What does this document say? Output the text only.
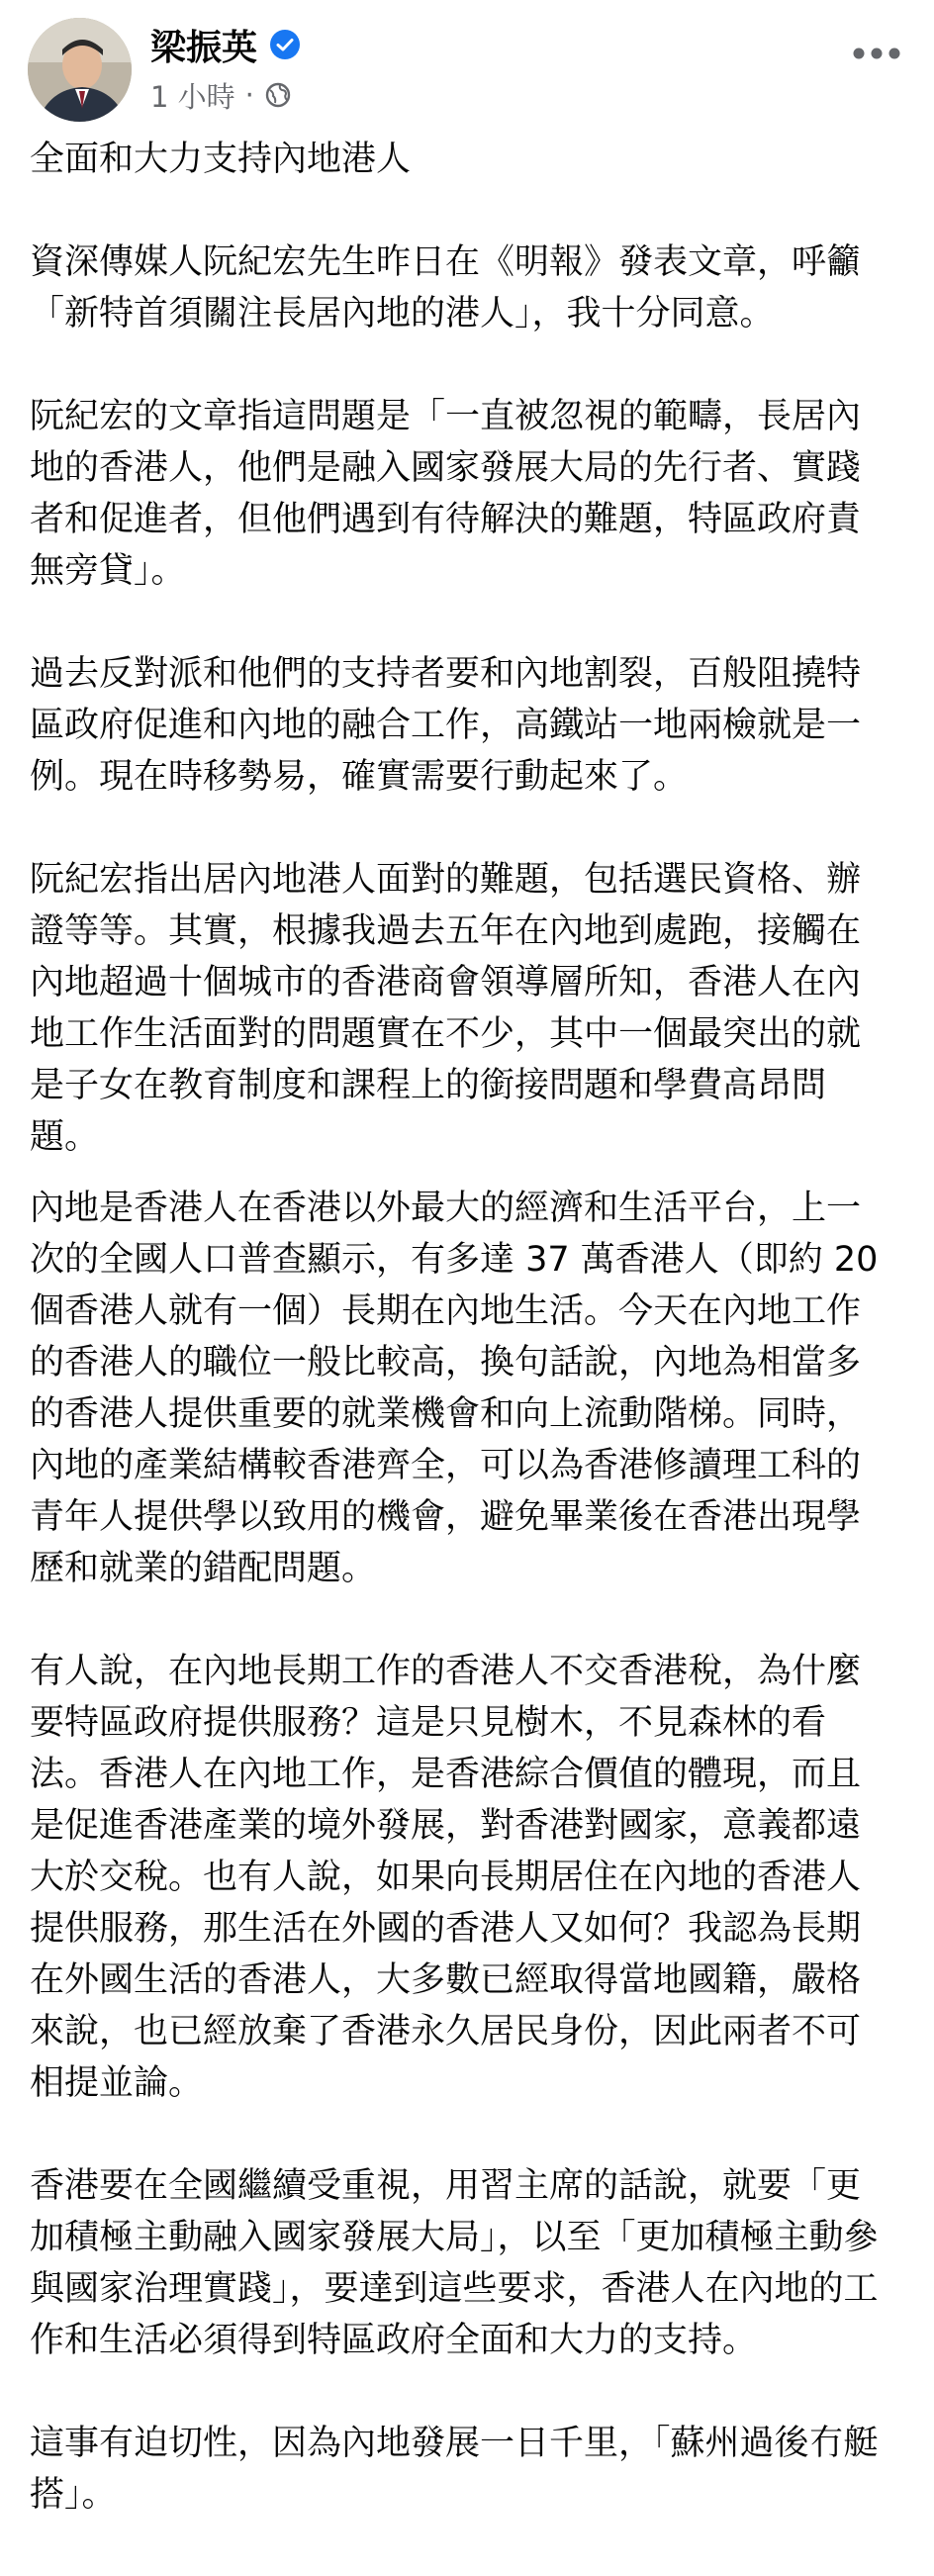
梁振英
1 小時 ·

全面和大力支持內地港人

資深傳媒人阮紀宏先生昨日在《明報》發表文章，呼籲「新特首須關注長居內地的港人」，我十分同意。

阮紀宏的文章指這問題是「一直被忽視的範疇，長居內地的香港人，他們是融入國家發展大局的先行者、實踐者和促進者，但他們遇到有待解決的難題，特區政府責無旁貸」。

過去反對派和他們的支持者要和內地割裂，百般阻撓特區政府促進和內地的融合工作，高鐵站一地兩檢就是一例。現在時移勢易，確實需要行動起來了。

阮紀宏指出居內地港人面對的難題，包括選民資格、辦證等等。其實，根據我過去五年在內地到處跑，接觸在內地超過十個城市的香港商會領導層所知，香港人在內地工作生活面對的問題實在不少，其中一個最突出的就是子女在教育制度和課程上的銜接問題和學費高昂問題。

內地是香港人在香港以外最大的經濟和生活平台，上一次的全國人口普查顯示，有多達 37 萬香港人（即約 20 個香港人就有一個）長期在內地生活。今天在內地工作的香港人的職位一般比較高，換句話說，內地為相當多的香港人提供重要的就業機會和向上流動階梯。同時，內地的產業結構較香港齊全，可以為香港修讀理工科的青年人提供學以致用的機會，避免畢業後在香港出現學歷和就業的錯配問題。

有人說，在內地長期工作的香港人不交香港稅，為什麼要特區政府提供服務？這是只見樹木，不見森林的看法。香港人在內地工作，是香港綜合價值的體現，而且是促進香港產業的境外發展，對香港對國家，意義都遠大於交稅。也有人說，如果向長期居住在內地的香港人提供服務，那生活在外國的香港人又如何？我認為長期在外國生活的香港人，大多數已經取得當地國籍，嚴格來說，也已經放棄了香港永久居民身份，因此兩者不可相提並論。

香港要在全國繼續受重視，用習主席的話說，就要「更加積極主動融入國家發展大局」，以至「更加積極主動參與國家治理實踐」，要達到這些要求，香港人在內地的工作和生活必須得到特區政府全面和大力的支持。

這事有迫切性，因為內地發展一日千里，「蘇州過後冇艇搭」。
